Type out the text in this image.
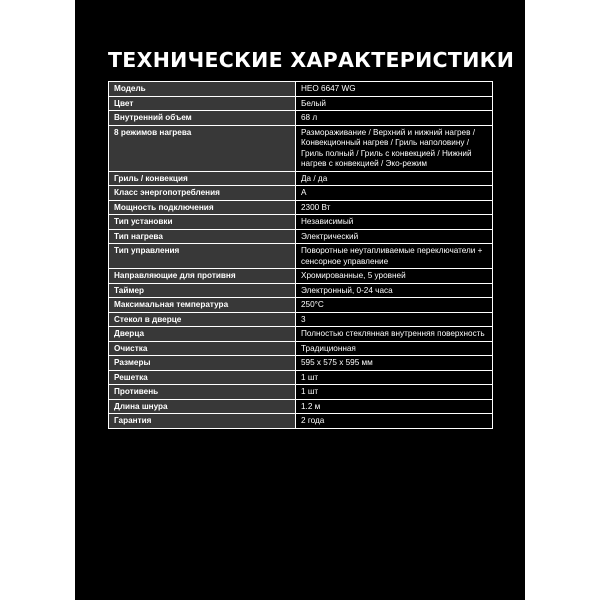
ТЕХНИЧЕСКИЕ ХАРАКТЕРИСТИКИ
Модель	HEO 6647 WG
Цвет	Белый
Внутренний объем	68 л
8 режимов нагрева	Размораживание / Верхний и нижний нагрев / Конвекционный нагрев / Гриль наполовину / Гриль полный / Гриль с конвекцией / Нижний нагрев с конвекцией / Эко-режим
Гриль / конвекция	Да / да
Класс энергопотребления	А
Мощность подключения	2300 Вт
Тип установки	Независимый
Тип нагрева	Электрический
Тип управления	Поворотные неутапливаемые переключатели + сенсорное управление
Направляющие для противня	Хромированные, 5 уровней
Таймер	Электронный, 0-24 часа
Максимальная температура	250°С
Стекол в дверце	3
Дверца	Полностью стеклянная внутренняя поверхность
Очистка	Традиционная
Размеры	595 х 575 х 595 мм
Решетка	1 шт
Противень	1 шт
Длина шнура	1.2 м
Гарантия	2 года
